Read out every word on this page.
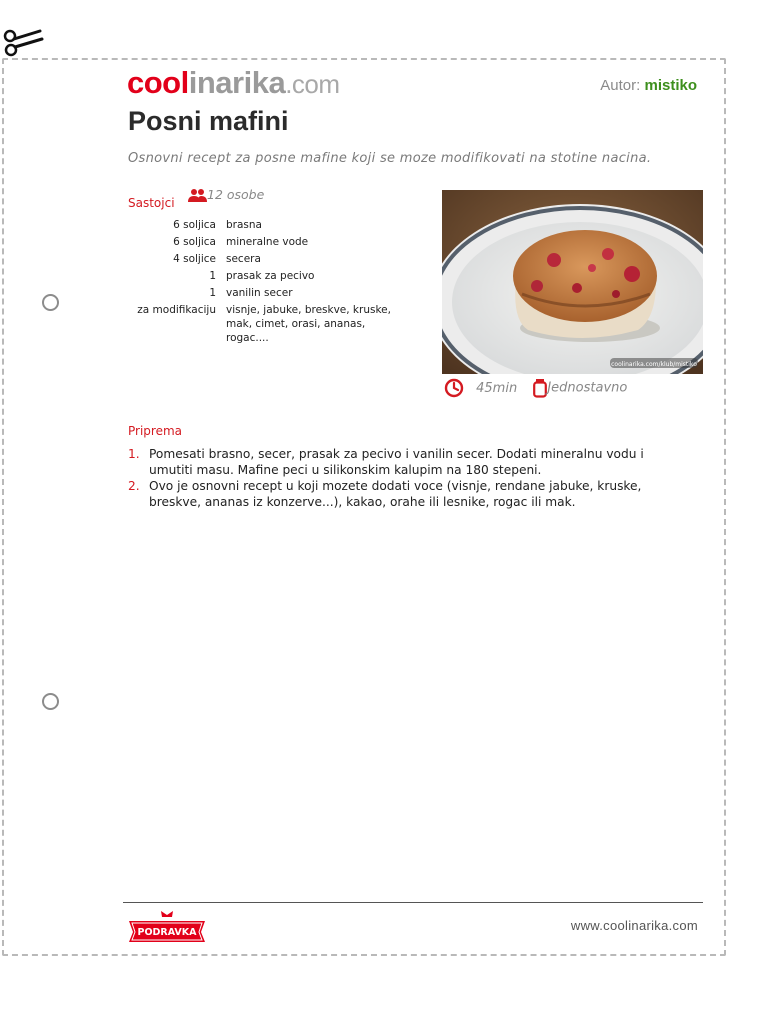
coolinarika.com	Autor: mistiko
Posni mafini
Osnovni recept za posne mafine koji se moze modifikovati na stotine nacina.
Sastojci
12 osobe
6 soljica	brasna
6 soljica	mineralne vode
4 soljice	secera
1	prasak za pecivo
1	vanilin secer
za modifikaciju	visnje, jabuke, breskve, kruske, mak, cimet, orasi, ananas, rogac....
coolinarika.com/klub/mistiko
45min Jednostavno
Priprema
1. Pomesati brasno, secer, prasak za pecivo i vanilin secer. Dodati mineralnu vodu i umutiti masu. Mafine peci u silikonskim kalupim na 180 stepeni.
2. Ovo je osnovni recept u koji mozete dodati voce (visnje, rendane jabuke, kruske, breskve, ananas iz konzerve...), kakao, orahe ili lesnike, rogac ili mak.
PODRAVKA	www.coolinarika.com
